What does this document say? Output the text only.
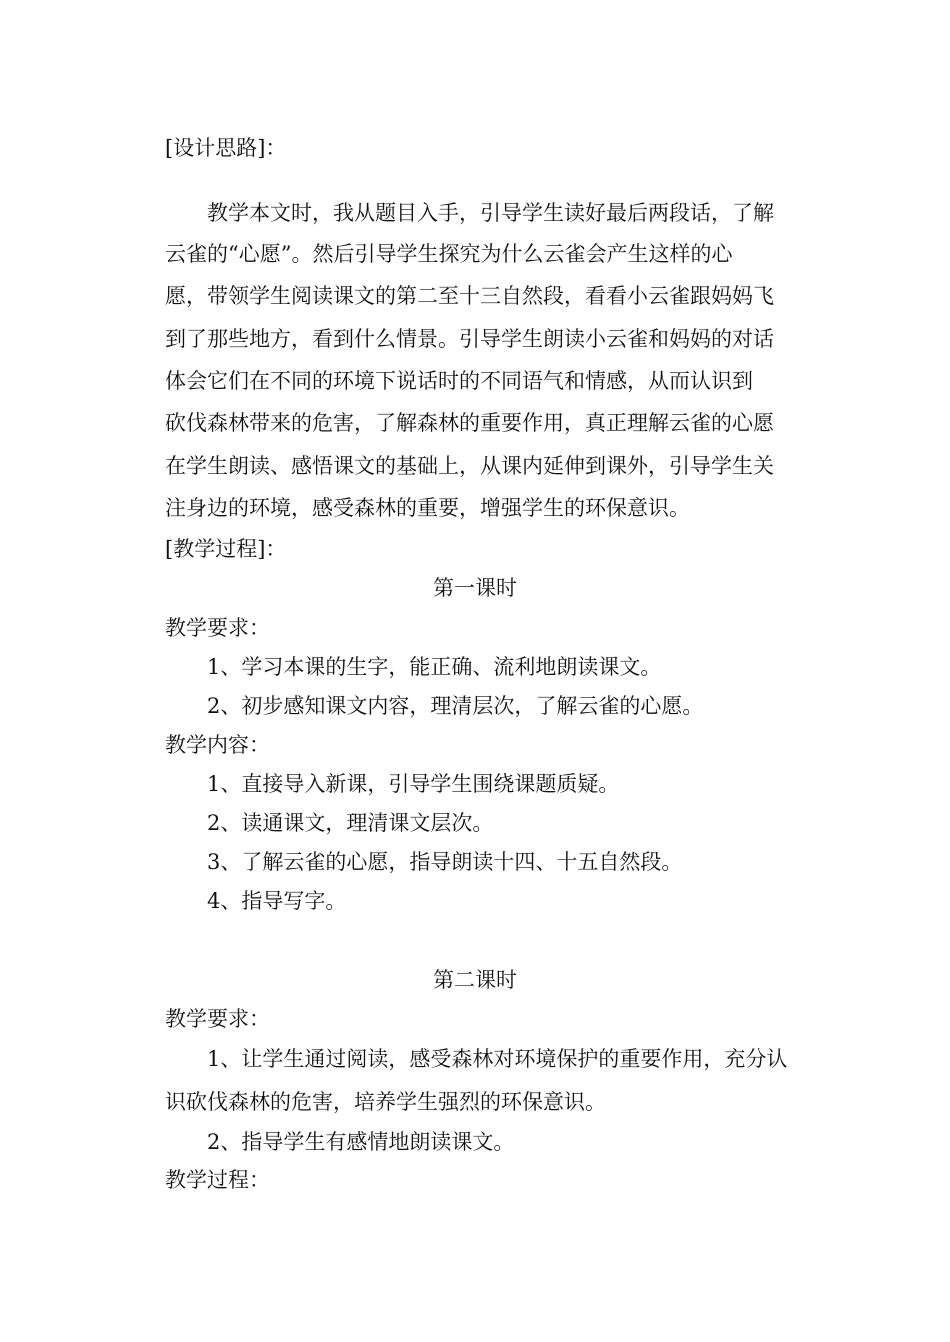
[设计思路]：
教学本文时，我从题目入手，引导学生读好最后两段话，了解
云雀的“心愿”。然后引导学生探究为什么云雀会产生这样的心
愿，带领学生阅读课文的第二至十三自然段，看看小云雀跟妈妈飞
到了那些地方，看到什么情景。引导学生朗读小云雀和妈妈的对话
体会它们在不同的环境下说话时的不同语气和情感，从而认识到
砍伐森林带来的危害，了解森林的重要作用，真正理解云雀的心愿
在学生朗读、感悟课文的基础上，从课内延伸到课外，引导学生关
注身边的环境，感受森林的重要，增强学生的环保意识。
[教学过程]：
第一课时
教学要求：
1、学习本课的生字，能正确、流利地朗读课文。
2、初步感知课文内容，理清层次，了解云雀的心愿。
教学内容：
1、直接导入新课，引导学生围绕课题质疑。
2、读通课文，理清课文层次。
3、了解云雀的心愿，指导朗读十四、十五自然段。
4、指导写字。
第二课时
教学要求：
1、让学生通过阅读，感受森林对环境保护的重要作用，充分认
识砍伐森林的危害，培养学生强烈的环保意识。
2、指导学生有感情地朗读课文。
教学过程：
